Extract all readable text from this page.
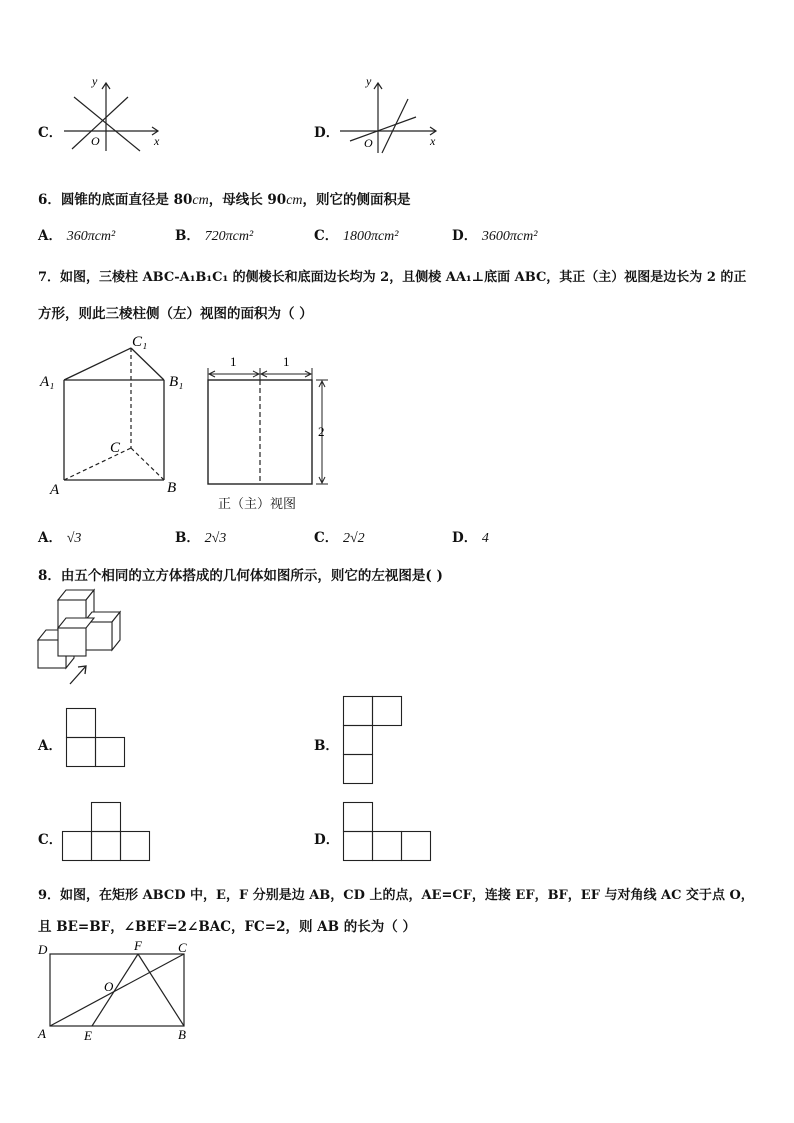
C．	x
y
O	D．	x
y
O
6．圆锥的底面直径是 80cm，母线长 90cm，则它的侧面积是
A． 360πcm²	B． 720πcm²	C． 1800πcm²	D． 3600πcm²
7．如图，三棱柱 ABC-A₁B₁C₁ 的侧棱长和底面边长均为 2，且侧棱 AA₁⊥底面 ABC，其正（主）视图是边长为 2 的正
方形，则此三棱柱侧（左）视图的面积为（ ）
C₁
A₁	B₁
C
A	B
1	1
2
正（主）视图
A． √3	B． 2√3	C． 2√2	D． 4
8．由五个相同的立方体搭成的几何体如图所示，则它的左视图是( )
A．	B．
C．	D．
9．如图，在矩形 ABCD 中，E，F 分别是边 AB，CD 上的点，AE=CF，连接 EF，BF，EF 与对角线 AC 交于点 O，
且 BE=BF，∠BEF=2∠BAC，FC=2，则 AB 的长为（ ）
D	F	C
O
A	E	B
